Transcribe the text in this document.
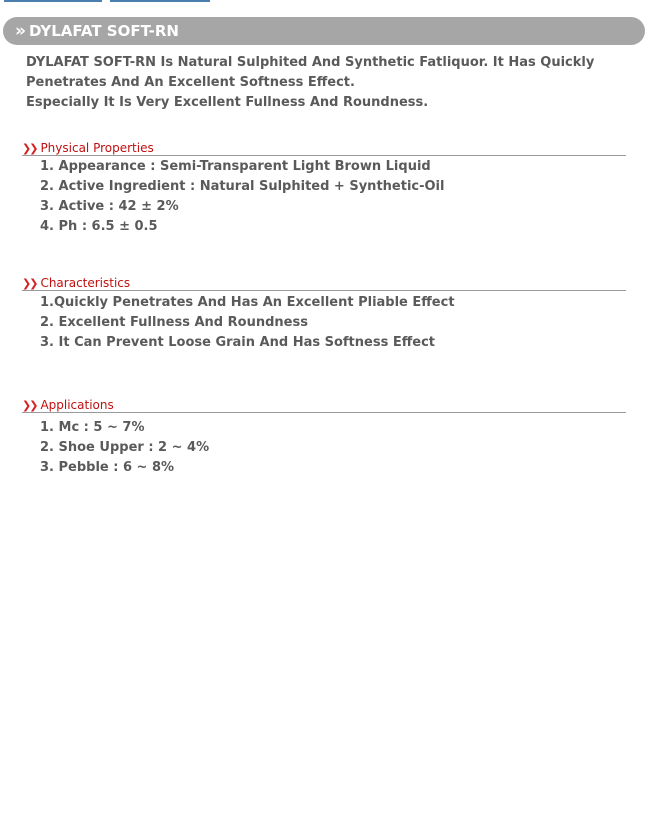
» DYLAFAT SOFT-RN

DYLAFAT SOFT-RN Is Natural Sulphited And Synthetic Fatliquor. It Has Quickly Penetrates And An Excellent Softness Effect.

Especially It Is Very Excellent Fullness And Roundness.

❯❯ Physical Properties
1. Appearance : Semi-Transparent Light Brown Liquid
2. Active Ingredient : Natural Sulphited + Synthetic-Oil
3. Active : 42 ± 2%
4. Ph : 6.5 ± 0.5
❯❯ Characteristics
1.Quickly Penetrates And Has An Excellent Pliable Effect
2. Excellent Fullness And Roundness
3. It Can Prevent Loose Grain And Has Softness Effect
❯❯ Applications
1. Mc : 5 ~ 7%
2. Shoe Upper : 2 ~ 4%
3. Pebble : 6 ~ 8%
